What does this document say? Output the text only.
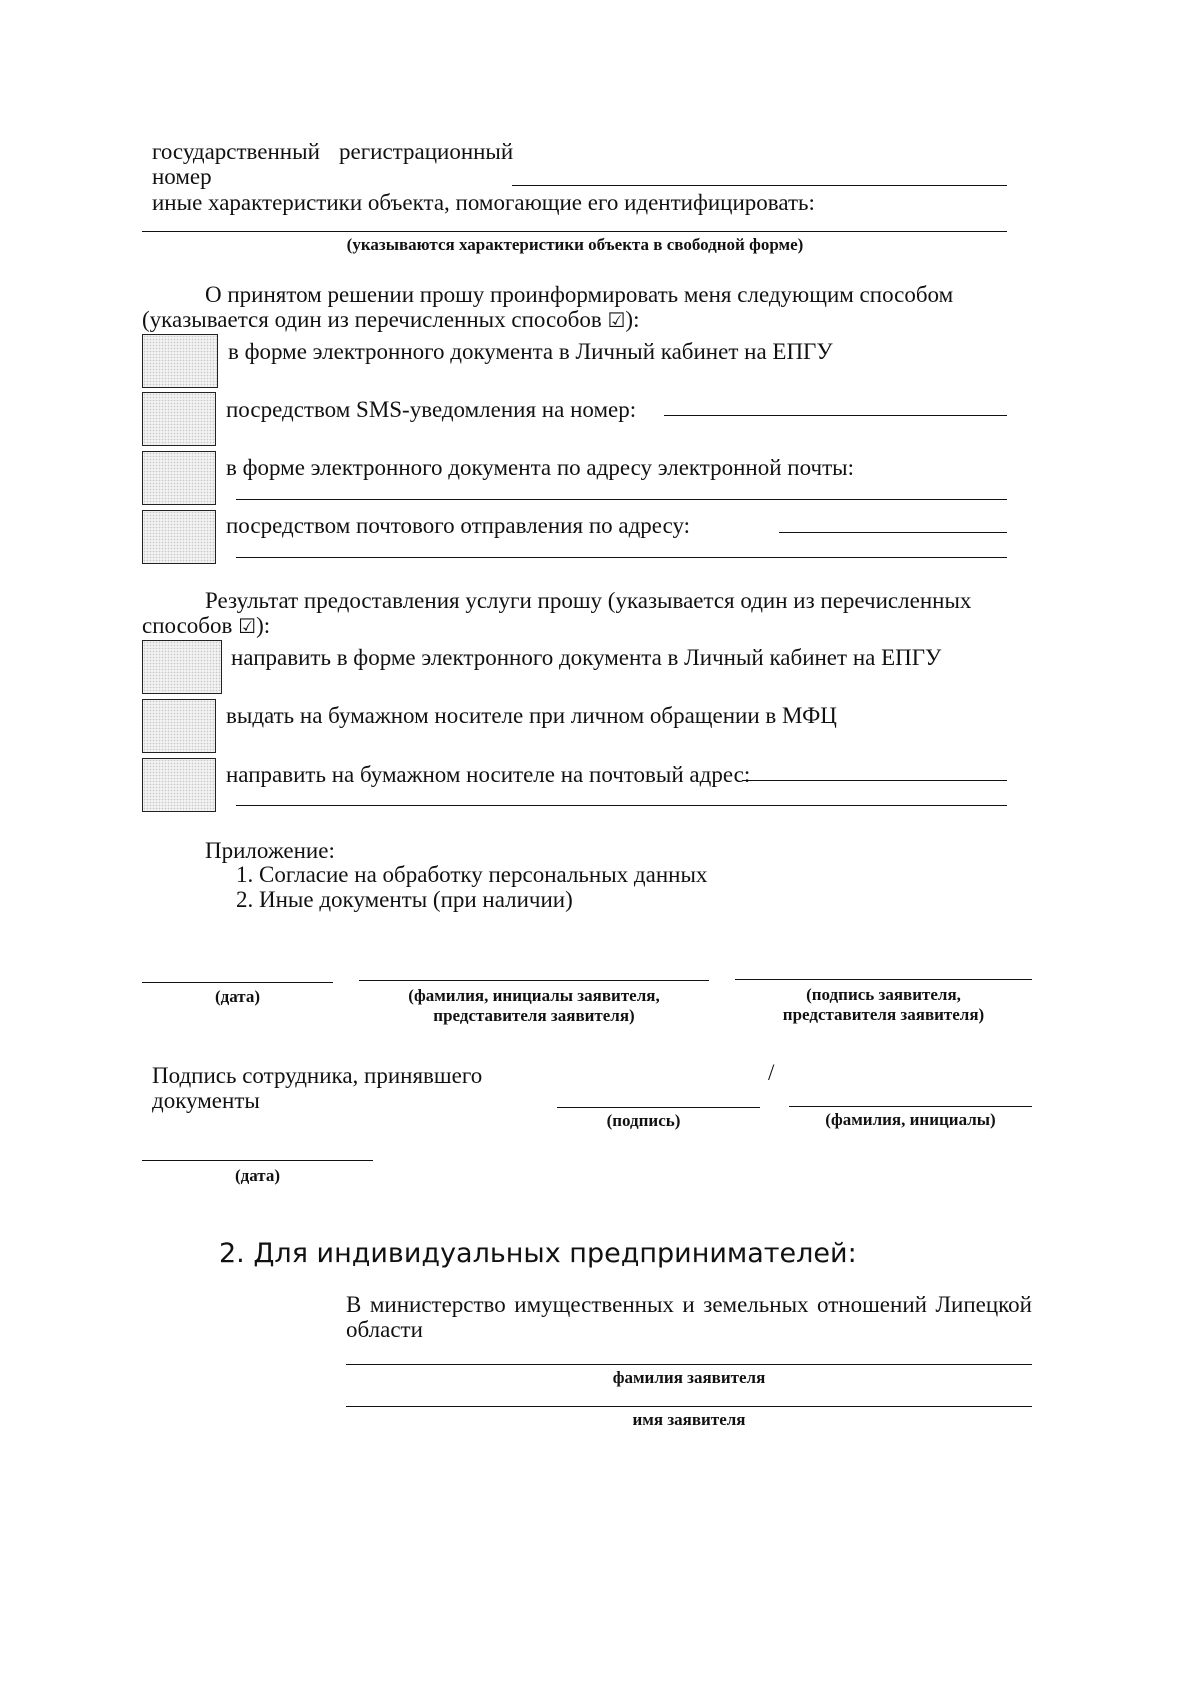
государственный регистрационный
номер
иные характеристики объекта, помогающие его идентифицировать:
(указываются характеристики объекта в свободной форме)
О принятом решении прошу проинформировать меня следующим способом
(указывается один из перечисленных способов ☑):
в форме электронного документа в Личный кабинет на ЕПГУ
посредством SMS-уведомления на номер:
в форме электронного документа по адресу электронной почты:
посредством почтового отправления по адресу:
Результат предоставления услуги прошу (указывается один из перечисленных
способов ☑):
направить в форме электронного документа в Личный кабинет на ЕПГУ
выдать на бумажном носителе при личном обращении в МФЦ
направить на бумажном носителе на почтовый адрес:
Приложение:
1. Согласие на обработку персональных данных
2. Иные документы (при наличии)
(дата)	(фамилия, инициалы заявителя,
представителя заявителя)
(подпись заявителя,
представителя заявителя)
Подпись сотрудника, принявшего
документы
/
(подпись)	(фамилия, инициалы)
(дата)
2. Для индивидуальных предпринимателей:
В министерство имущественных и земельных отношений Липецкой
области
фамилия заявителя
имя заявителя
